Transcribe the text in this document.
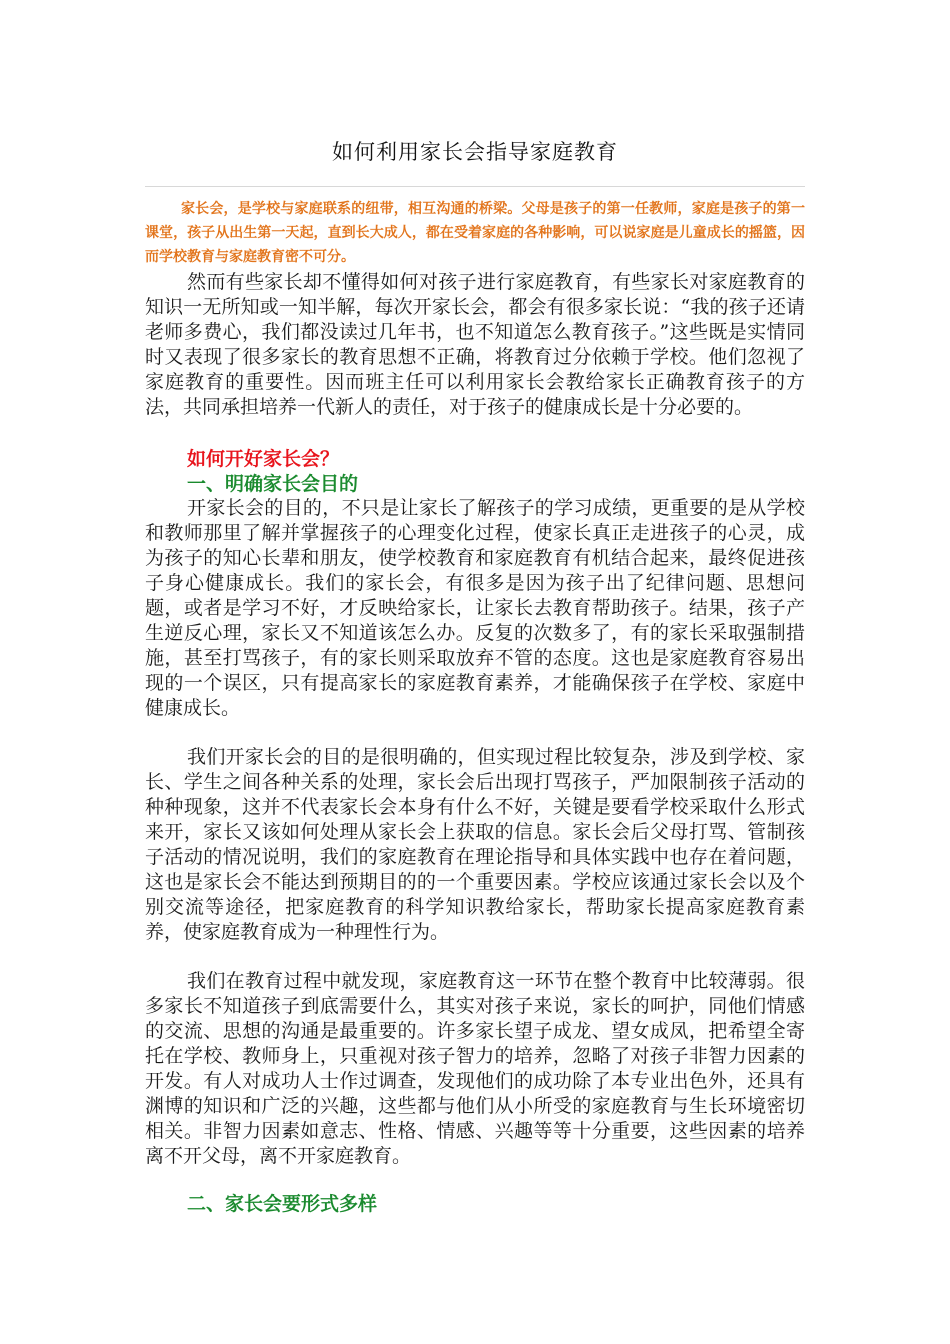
如何利用家长会指导家庭教育

家长会，是学校与家庭联系的纽带，相互沟通的桥梁。父母是孩子的第一任教师，家庭是孩子的第一课堂，孩子从出生第一天起，直到长大成人，都在受着家庭的各种影响，可以说家庭是儿童成长的摇篮，因而学校教育与家庭教育密不可分。

然而有些家长却不懂得如何对孩子进行家庭教育，有些家长对家庭教育的知识一无所知或一知半解，每次开家长会，都会有很多家长说：“我的孩子还请老师多费心，我们都没读过几年书，也不知道怎么教育孩子。”这些既是实情同时又表现了很多家长的教育思想不正确，将教育过分依赖于学校。他们忽视了家庭教育的重要性。因而班主任可以利用家长会教给家长正确教育孩子的方法，共同承担培养一代新人的责任，对于孩子的健康成长是十分必要的。

如何开好家长会？

一、明确家长会目的

开家长会的目的，不只是让家长了解孩子的学习成绩，更重要的是从学校和教师那里了解并掌握孩子的心理变化过程，使家长真正走进孩子的心灵，成为孩子的知心长辈和朋友，使学校教育和家庭教育有机结合起来，最终促进孩子身心健康成长。我们的家长会，有很多是因为孩子出了纪律问题、思想问题，或者是学习不好，才反映给家长，让家长去教育帮助孩子。结果，孩子产生逆反心理，家长又不知道该怎么办。反复的次数多了，有的家长采取强制措施，甚至打骂孩子，有的家长则采取放弃不管的态度。这也是家庭教育容易出现的一个误区，只有提高家长的家庭教育素养，才能确保孩子在学校、家庭中健康成长。

我们开家长会的目的是很明确的，但实现过程比较复杂，涉及到学校、家长、学生之间各种关系的处理，家长会后出现打骂孩子，严加限制孩子活动的种种现象，这并不代表家长会本身有什么不好，关键是要看学校采取什么形式来开，家长又该如何处理从家长会上获取的信息。家长会后父母打骂、管制孩子活动的情况说明，我们的家庭教育在理论指导和具体实践中也存在着问题，这也是家长会不能达到预期目的的一个重要因素。学校应该通过家长会以及个别交流等途径，把家庭教育的科学知识教给家长，帮助家长提高家庭教育素养，使家庭教育成为一种理性行为。

我们在教育过程中就发现，家庭教育这一环节在整个教育中比较薄弱。很多家长不知道孩子到底需要什么，其实对孩子来说，家长的呵护，同他们情感的交流、思想的沟通是最重要的。许多家长望子成龙、望女成凤，把希望全寄托在学校、教师身上，只重视对孩子智力的培养，忽略了对孩子非智力因素的开发。有人对成功人士作过调查，发现他们的成功除了本专业出色外，还具有渊博的知识和广泛的兴趣，这些都与他们从小所受的家庭教育与生长环境密切相关。非智力因素如意志、性格、情感、兴趣等等十分重要，这些因素的培养离不开父母，离不开家庭教育。

二、家长会要形式多样
